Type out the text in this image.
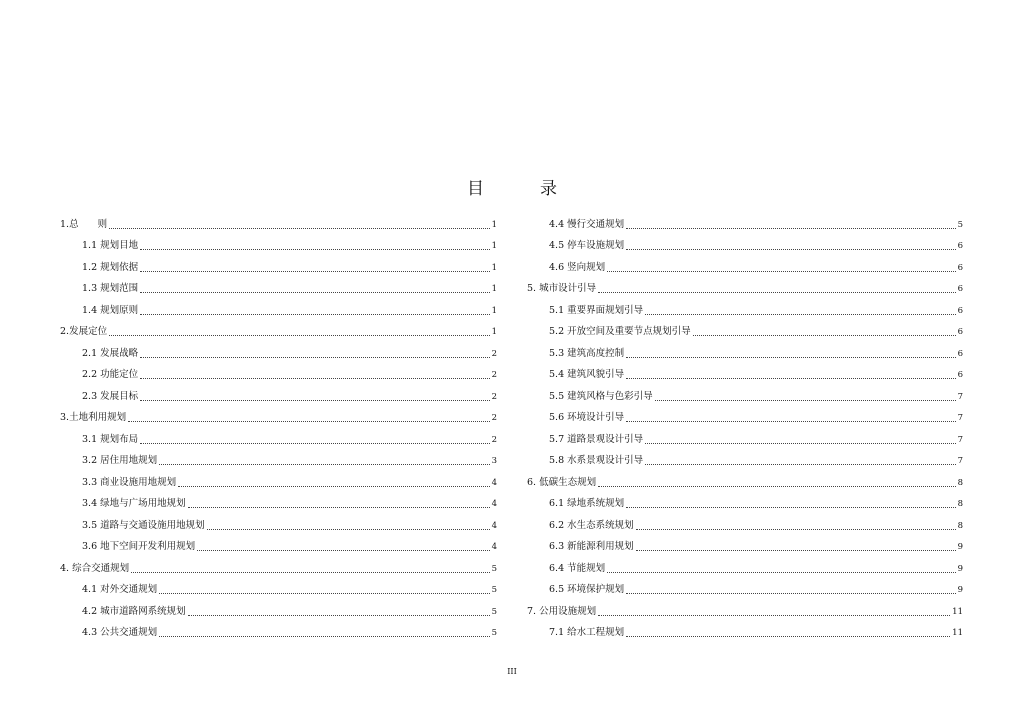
目	录
1.总　　则	1
1.1 规划目地	1
1.2 规划依据	1
1.3 规划范围	1
1.4 规划原则	1
2.发展定位	1
2.1 发展战略	2
2.2 功能定位	2
2.3 发展目标	2
3.土地利用规划	2
3.1 规划布局	2
3.2 居住用地规划	3
3.3 商业设施用地规划	4
3.4 绿地与广场用地规划	4
3.5 道路与交通设施用地规划	4
3.6 地下空间开发利用规划	4
4. 综合交通规划	5
4.1 对外交通规划	5
4.2 城市道路网系统规划	5
4.3 公共交通规划	5
4.4 慢行交通规划	5
4.5 停车设施规划	6
4.6 竖向规划	6
5. 城市设计引导	6
5.1 重要界面规划引导	6
5.2 开放空间及重要节点规划引导	6
5.3 建筑高度控制	6
5.4 建筑风貌引导	6
5.5 建筑风格与色彩引导	7
5.6 环境设计引导	7
5.7 道路景观设计引导	7
5.8 水系景观设计引导	7
6. 低碳生态规划	8
6.1 绿地系统规划	8
6.2 水生态系统规划	8
6.3 新能源利用规划	9
6.4 节能规划	9
6.5 环境保护规划	9
7. 公用设施规划	11
7.1 给水工程规划	11
III
